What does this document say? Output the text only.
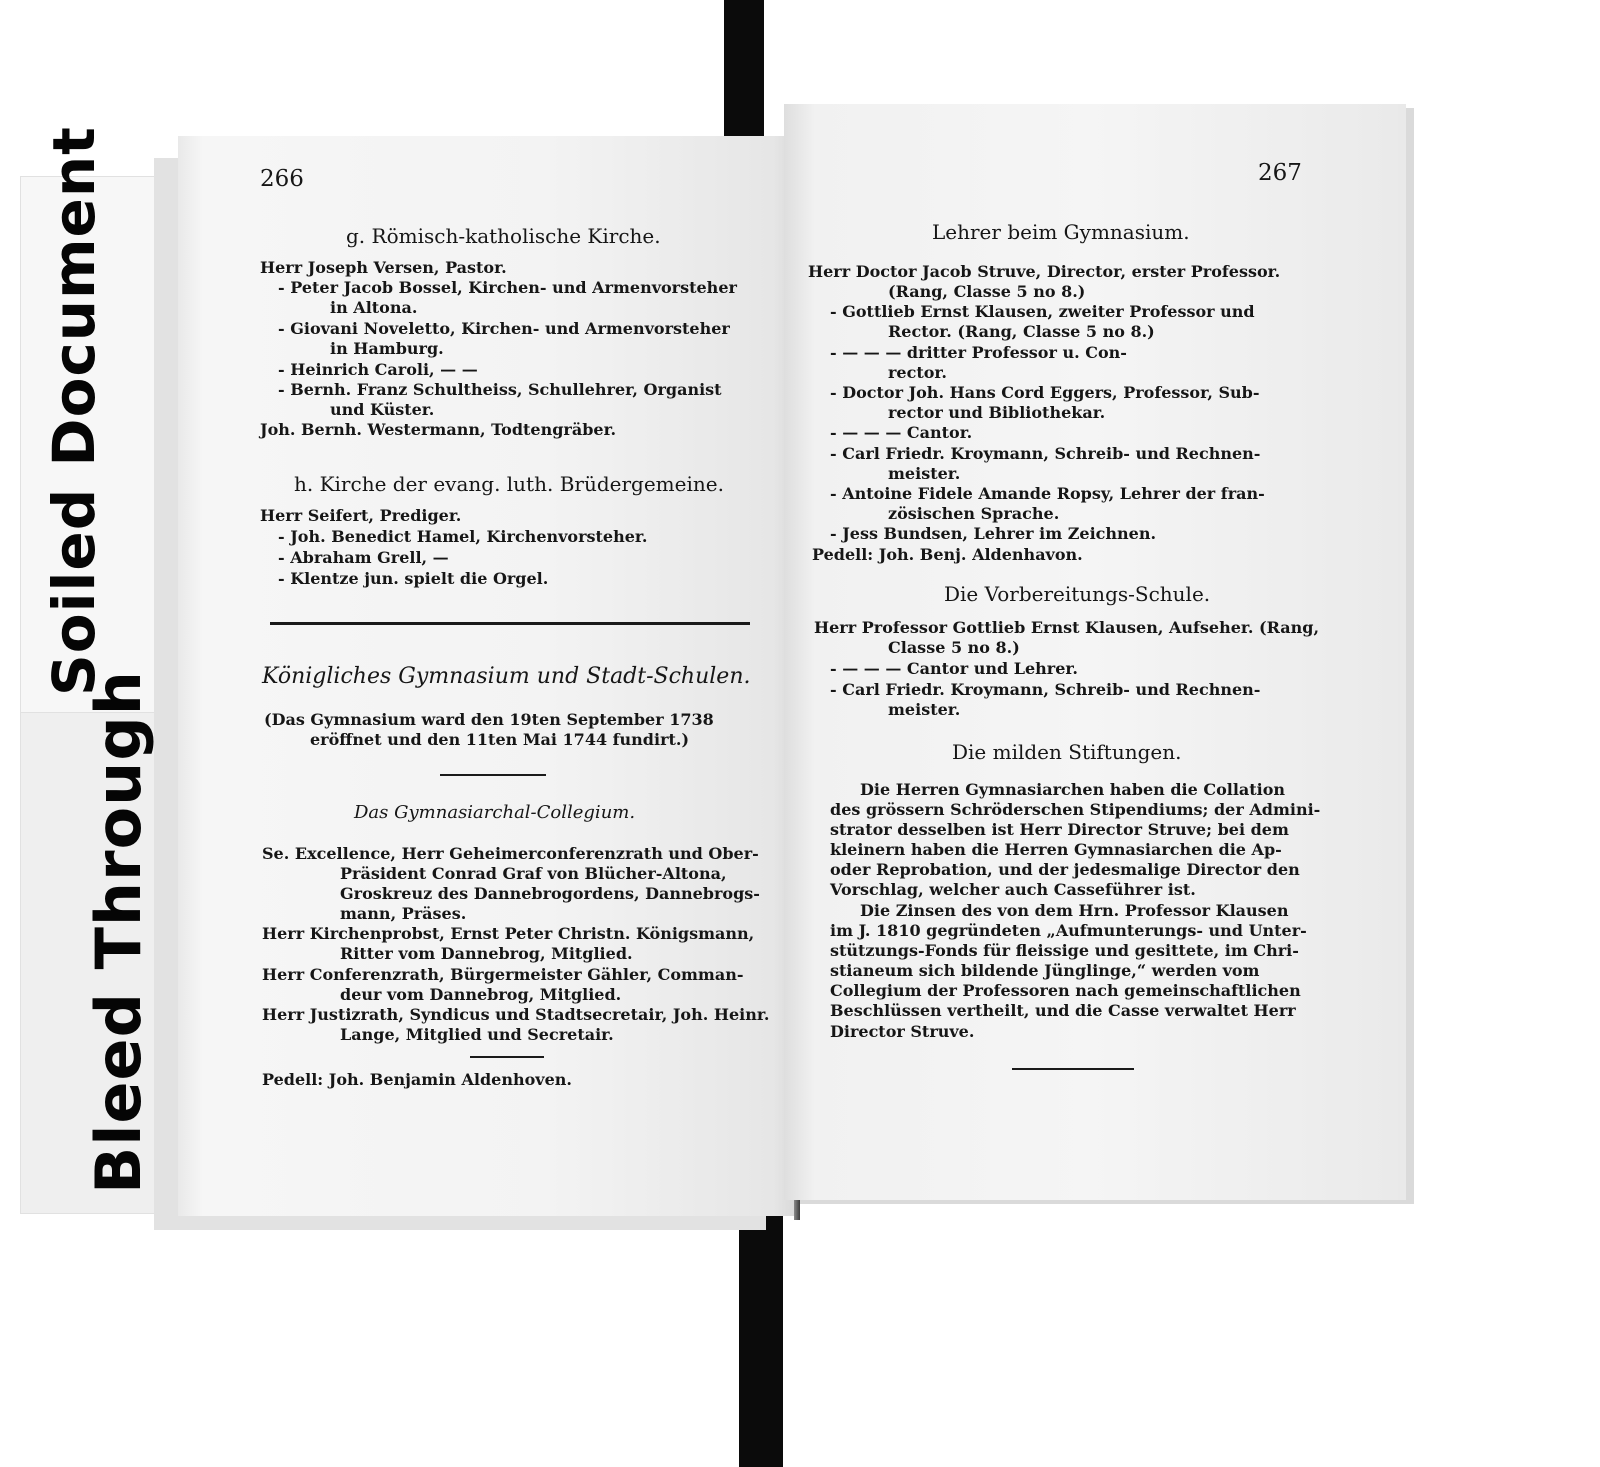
Soiled Document
Bleed Through
266
g. Römisch-katholische Kirche.
Herr Joseph Versen, Pastor.
- Peter Jacob Bossel, Kirchen- und Armenvorsteher
in Altona.
- Giovani Noveletto, Kirchen- und Armenvorsteher
in Hamburg.
- Heinrich Caroli, — —
- Bernh. Franz Schultheiss, Schullehrer, Organist
und Küster.
Joh. Bernh. Westermann, Todtengräber.
h. Kirche der evang. luth. Brüdergemeine.
Herr Seifert, Prediger.
- Joh. Benedict Hamel, Kirchenvorsteher.
- Abraham Grell, —
- Klentze jun. spielt die Orgel.
Königliches Gymnasium und Stadt-Schulen.
(Das Gymnasium ward den 19ten September 1738
eröffnet und den 11ten Mai 1744 fundirt.)
Das Gymnasiarchal-Collegium.
Se. Excellence, Herr Geheimerconferenzrath und Ober-
Präsident Conrad Graf von Blücher-Altona,
Groskreuz des Dannebrogordens, Dannebrogs-
mann, Präses.
Herr Kirchenprobst, Ernst Peter Christn. Königsmann,
Ritter vom Dannebrog, Mitglied.
Herr Conferenzrath, Bürgermeister Gähler, Comman-
deur vom Dannebrog, Mitglied.
Herr Justizrath, Syndicus und Stadtsecretair, Joh. Heinr.
Lange, Mitglied und Secretair.
Pedell: Joh. Benjamin Aldenhoven.
267
Lehrer beim Gymnasium.
Herr Doctor Jacob Struve, Director, erster Professor.
(Rang, Classe 5 no 8.)
- Gottlieb Ernst Klausen, zweiter Professor und
Rector. (Rang, Classe 5 no 8.)
- — — — dritter Professor u. Con-
rector.
- Doctor Joh. Hans Cord Eggers, Professor, Sub-
rector und Bibliothekar.
- — — — Cantor.
- Carl Friedr. Kroymann, Schreib- und Rechnen-
meister.
- Antoine Fidele Amande Ropsy, Lehrer der fran-
zösischen Sprache.
- Jess Bundsen, Lehrer im Zeichnen.
Pedell: Joh. Benj. Aldenhavon.
Die Vorbereitungs-Schule.
Herr Professor Gottlieb Ernst Klausen, Aufseher. (Rang,
Classe 5 no 8.)
- — — — Cantor und Lehrer.
- Carl Friedr. Kroymann, Schreib- und Rechnen-
meister.
Die milden Stiftungen.
Die Herren Gymnasiarchen haben die Collation
des grössern Schröderschen Stipendiums; der Admini-
strator desselben ist Herr Director Struve; bei dem
kleinern haben die Herren Gymnasiarchen die Ap-
oder Reprobation, und der jedesmalige Director den
Vorschlag, welcher auch Casseführer ist.
Die Zinsen des von dem Hrn. Professor Klausen
im J. 1810 gegründeten „Aufmunterungs- und Unter-
stützungs-Fonds für fleissige und gesittete, im Chri-
stianeum sich bildende Jünglinge,“ werden vom
Collegium der Professoren nach gemeinschaftlichen
Beschlüssen vertheilt, und die Casse verwaltet Herr
Director Struve.
